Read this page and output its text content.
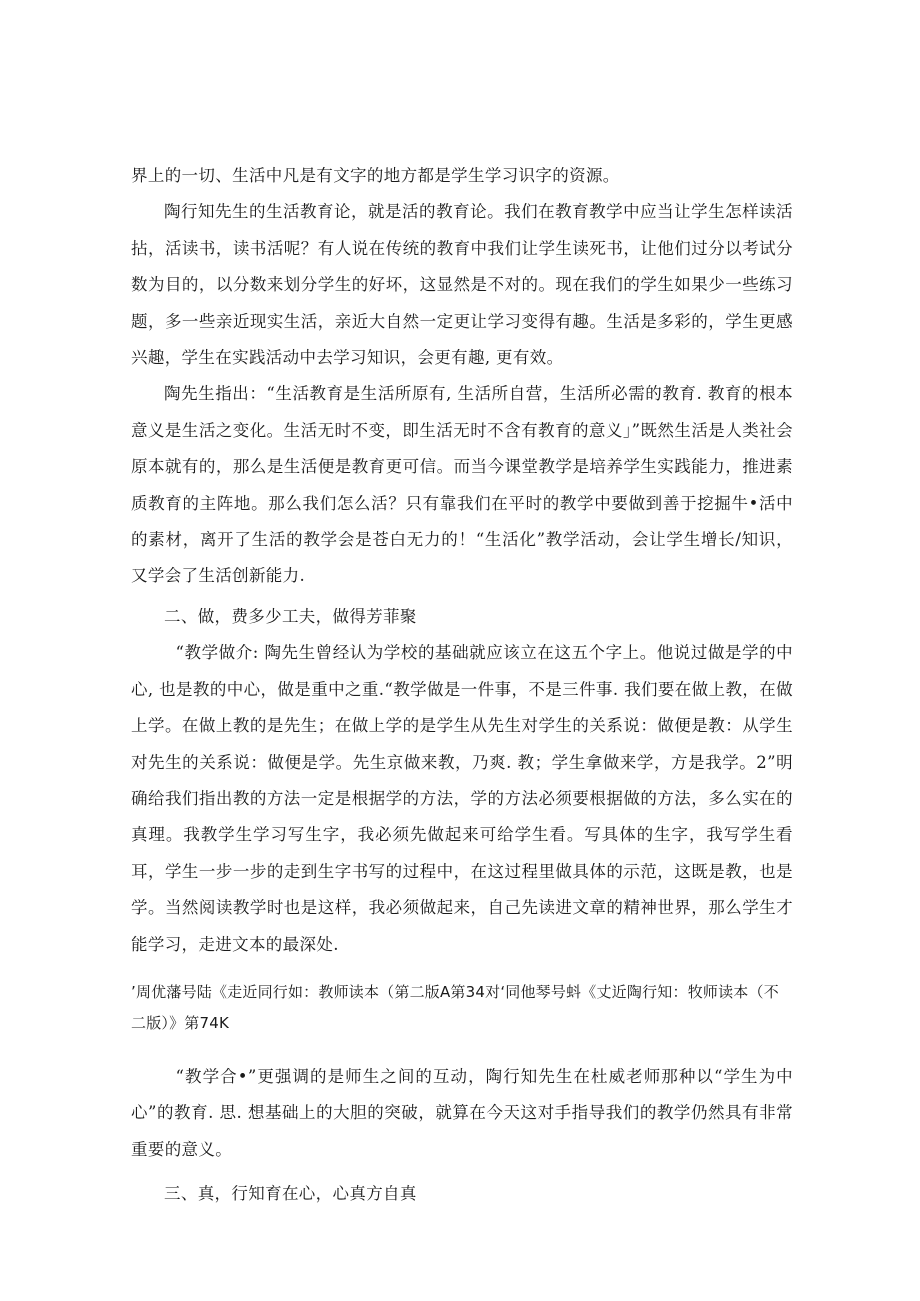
界上的一切、生活中凡是有文字的地方都是学生学习识字的资源。

陶行知先生的生活教育论，就是活的教育论。我们在教育教学中应当让学生怎样读活拈，活读书，读书活呢？有人说在传统的教育中我们让学生读死书，让他们过分以考试分数为目的，以分数来划分学生的好坏，这显然是不对的。现在我们的学生如果少一些练习题，多一些亲近现实生活，亲近大自然一定更让学习变得有趣。生活是多彩的，学生更感兴趣，学生在实践活动中去学习知识，会更有趣, 更有效。

陶先生指出：“生活教育是生活所原有, 生活所自营，生活所必需的教育. 教育的根本意义是生活之变化。生活无时不变，即生活无时不含有教育的意义」”既然生活是人类社会原本就有的，那么是生活便是教育更可信。而当今课堂教学是培养学生实践能力，推进素质教育的主阵地。那么我们怎么活？只有靠我们在平时的教学中要做到善于挖掘牛•活中的素材，离开了生活的教学会是苍白无力的！“生活化”教学活动，会让学生增长/知识，又学会了生活创新能力.

二、做，费多少工夫，做得芳菲聚

“教学做介: 陶先生曾经认为学校的基础就应该立在这五个字上。他说过做是学的中心, 也是教的中心，做是重中之重.“教学做是一件事，不是三件事. 我们要在做上教，在做上学。在做上教的是先生；在做上学的是学生从先生对学生的关系说：做便是教：从学生对先生的关系说：做便是学。先生京做来教，乃爽. 教；学生拿做来学，方是我学。2”明确给我们指出教的方法一定是根据学的方法，学的方法必须要根据做的方法，多么实在的真理。我教学生学习写生字，我必须先做起来可给学生看。写具体的生字，我写学生看耳，学生一步一步的走到生字书写的过程中，在这过程里做具体的示范，这既是教，也是学。当然阅读教学时也是这样，我必须做起来，自己先读进文章的精神世界，那么学生才能学习，走进文本的最深处.

’周优藩号陆《走近同行如：教师读本（第二版A第34对‘同他琴号蚪《丈近陶行知：牧师读本（不二版）》第74K

“教学合•”更强调的是师生之间的互动，陶行知先生在杜威老师那种以“学生为中心”的教育. 思. 想基础上的大胆的突破，就算在今天这对手指导我们的教学仍然具有非常重要的意义。

三、真，行知育在心，心真方自真
